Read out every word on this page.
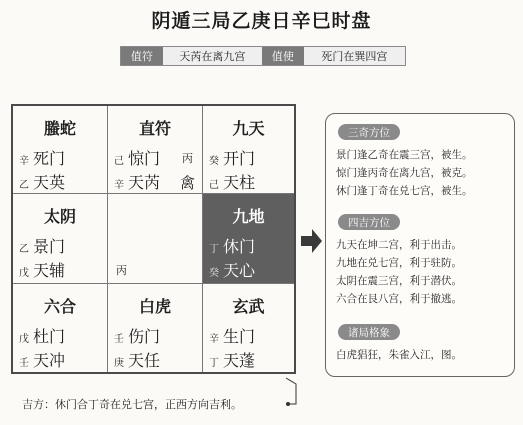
阴遁三局乙庚日辛巳时盘
值符	天芮在离九宫	值使	死门在巽四宫
螣蛇
辛 死门
乙 天英
直符
己 惊门 丙
辛 天芮 禽
九天
癸 开门
己 天柱
太阴
乙 景门
戊 天辅	丙
九地
丁 休门
癸 天心
六合
戊 杜门
壬 天冲
白虎
壬 伤门
庚 天任
玄武
辛 生门
丁 天蓬
三奇方位
景门逢乙奇在震三宫，被生。
惊门逢丙奇在离九宫，被克。
休门逢丁奇在兑七宫，被生。
四吉方位
九天在坤二宫，利于出击。
九地在兑七宫，利于驻防。
太阴在震三宫，利于潜伏。
六合在艮八宫，利于撤逃。
诸局格象
白虎猖狂，朱雀入江，图。
吉方：休门合丁奇在兑七宫，正西方向吉利。
